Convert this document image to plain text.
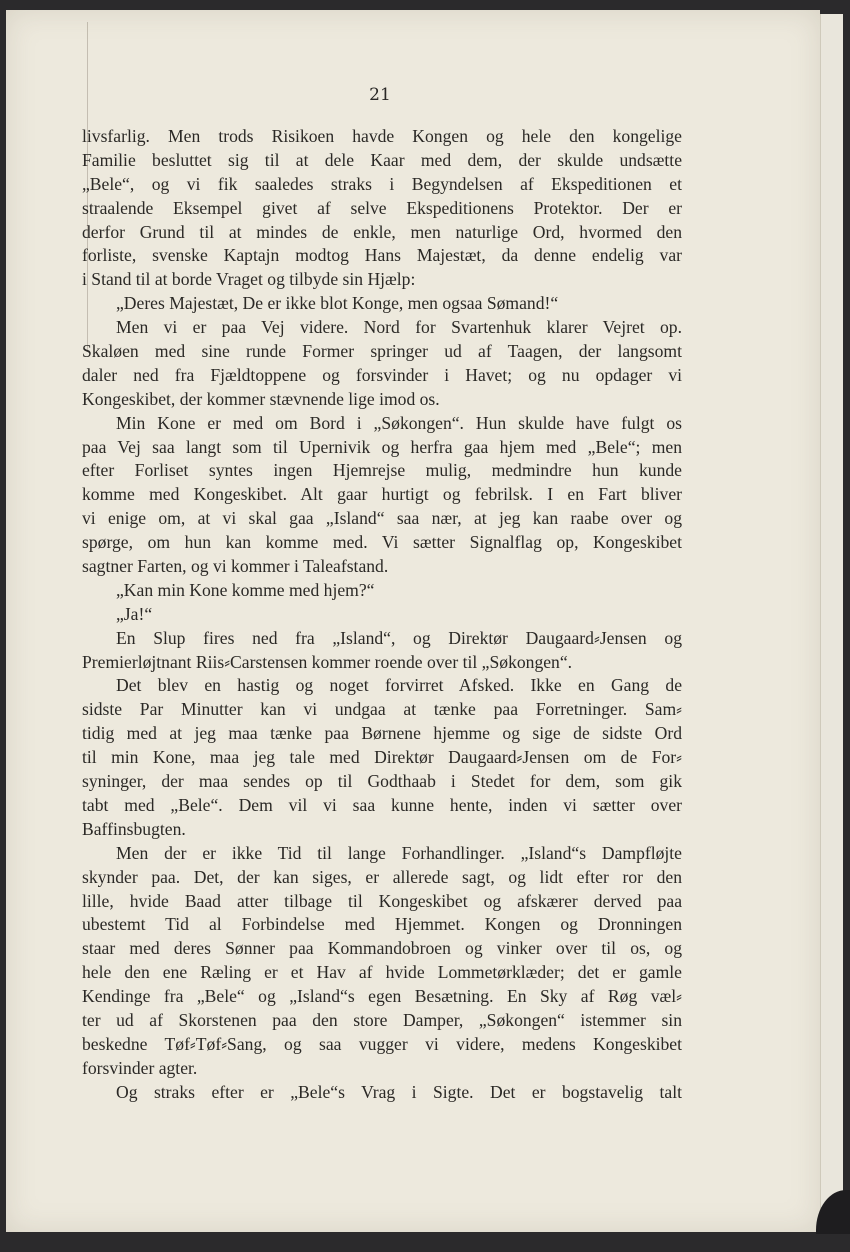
21
livsfarlig. Men trods Risikoen havde Kongen og hele den kongelige
Familie besluttet sig til at dele Kaar med dem, der skulde undsætte
„Bele“, og vi fik saaledes straks i Begyndelsen af Ekspeditionen et
straalende Eksempel givet af selve Ekspeditionens Protektor. Der er
derfor Grund til at mindes de enkle, men naturlige Ord, hvormed den
forliste, svenske Kaptajn modtog Hans Majestæt, da denne endelig var
i Stand til at borde Vraget og tilbyde sin Hjælp:
„Deres Majestæt, De er ikke blot Konge, men ogsaa Sømand!“
Men vi er paa Vej videre. Nord for Svartenhuk klarer Vejret op.
Skaløen med sine runde Former springer ud af Taagen, der langsomt
daler ned fra Fjældtoppene og forsvinder i Havet; og nu opdager vi
Kongeskibet, der kommer stævnende lige imod os.
Min Kone er med om Bord i „Søkongen“. Hun skulde have fulgt os
paa Vej saa langt som til Upernivik og herfra gaa hjem med „Bele“; men
efter Forliset syntes ingen Hjemrejse mulig, medmindre hun kunde
komme med Kongeskibet. Alt gaar hurtigt og febrilsk. I en Fart bliver
vi enige om, at vi skal gaa „Island“ saa nær, at jeg kan raabe over og
spørge, om hun kan komme med. Vi sætter Signalflag op, Kongeskibet
sagtner Farten, og vi kommer i Taleafstand.
„Kan min Kone komme med hjem?“
„Ja!“
En Slup fires ned fra „Island“, og Direktør Daugaard⸗Jensen og
Premierløjtnant Riis⸗Carstensen kommer roende over til „Søkongen“.
Det blev en hastig og noget forvirret Afsked. Ikke en Gang de
sidste Par Minutter kan vi undgaa at tænke paa Forretninger. Sam⸗
tidig med at jeg maa tænke paa Børnene hjemme og sige de sidste Ord
til min Kone, maa jeg tale med Direktør Daugaard⸗Jensen om de For⸗
syninger, der maa sendes op til Godthaab i Stedet for dem, som gik
tabt med „Bele“. Dem vil vi saa kunne hente, inden vi sætter over
Baffinsbugten.
Men der er ikke Tid til lange Forhandlinger. „Island“s Dampfløjte
skynder paa. Det, der kan siges, er allerede sagt, og lidt efter ror den
lille, hvide Baad atter tilbage til Kongeskibet og afskærer derved paa
ubestemt Tid al Forbindelse med Hjemmet. Kongen og Dronningen
staar med deres Sønner paa Kommandobroen og vinker over til os, og
hele den ene Ræling er et Hav af hvide Lommetørklæder; det er gamle
Kendinge fra „Bele“ og „Island“s egen Besætning. En Sky af Røg væl⸗
ter ud af Skorstenen paa den store Damper, „Søkongen“ istemmer sin
beskedne Tøf⸗Tøf⸗Sang, og saa vugger vi videre, medens Kongeskibet
forsvinder agter.
Og straks efter er „Bele“s Vrag i Sigte. Det er bogstavelig talt
